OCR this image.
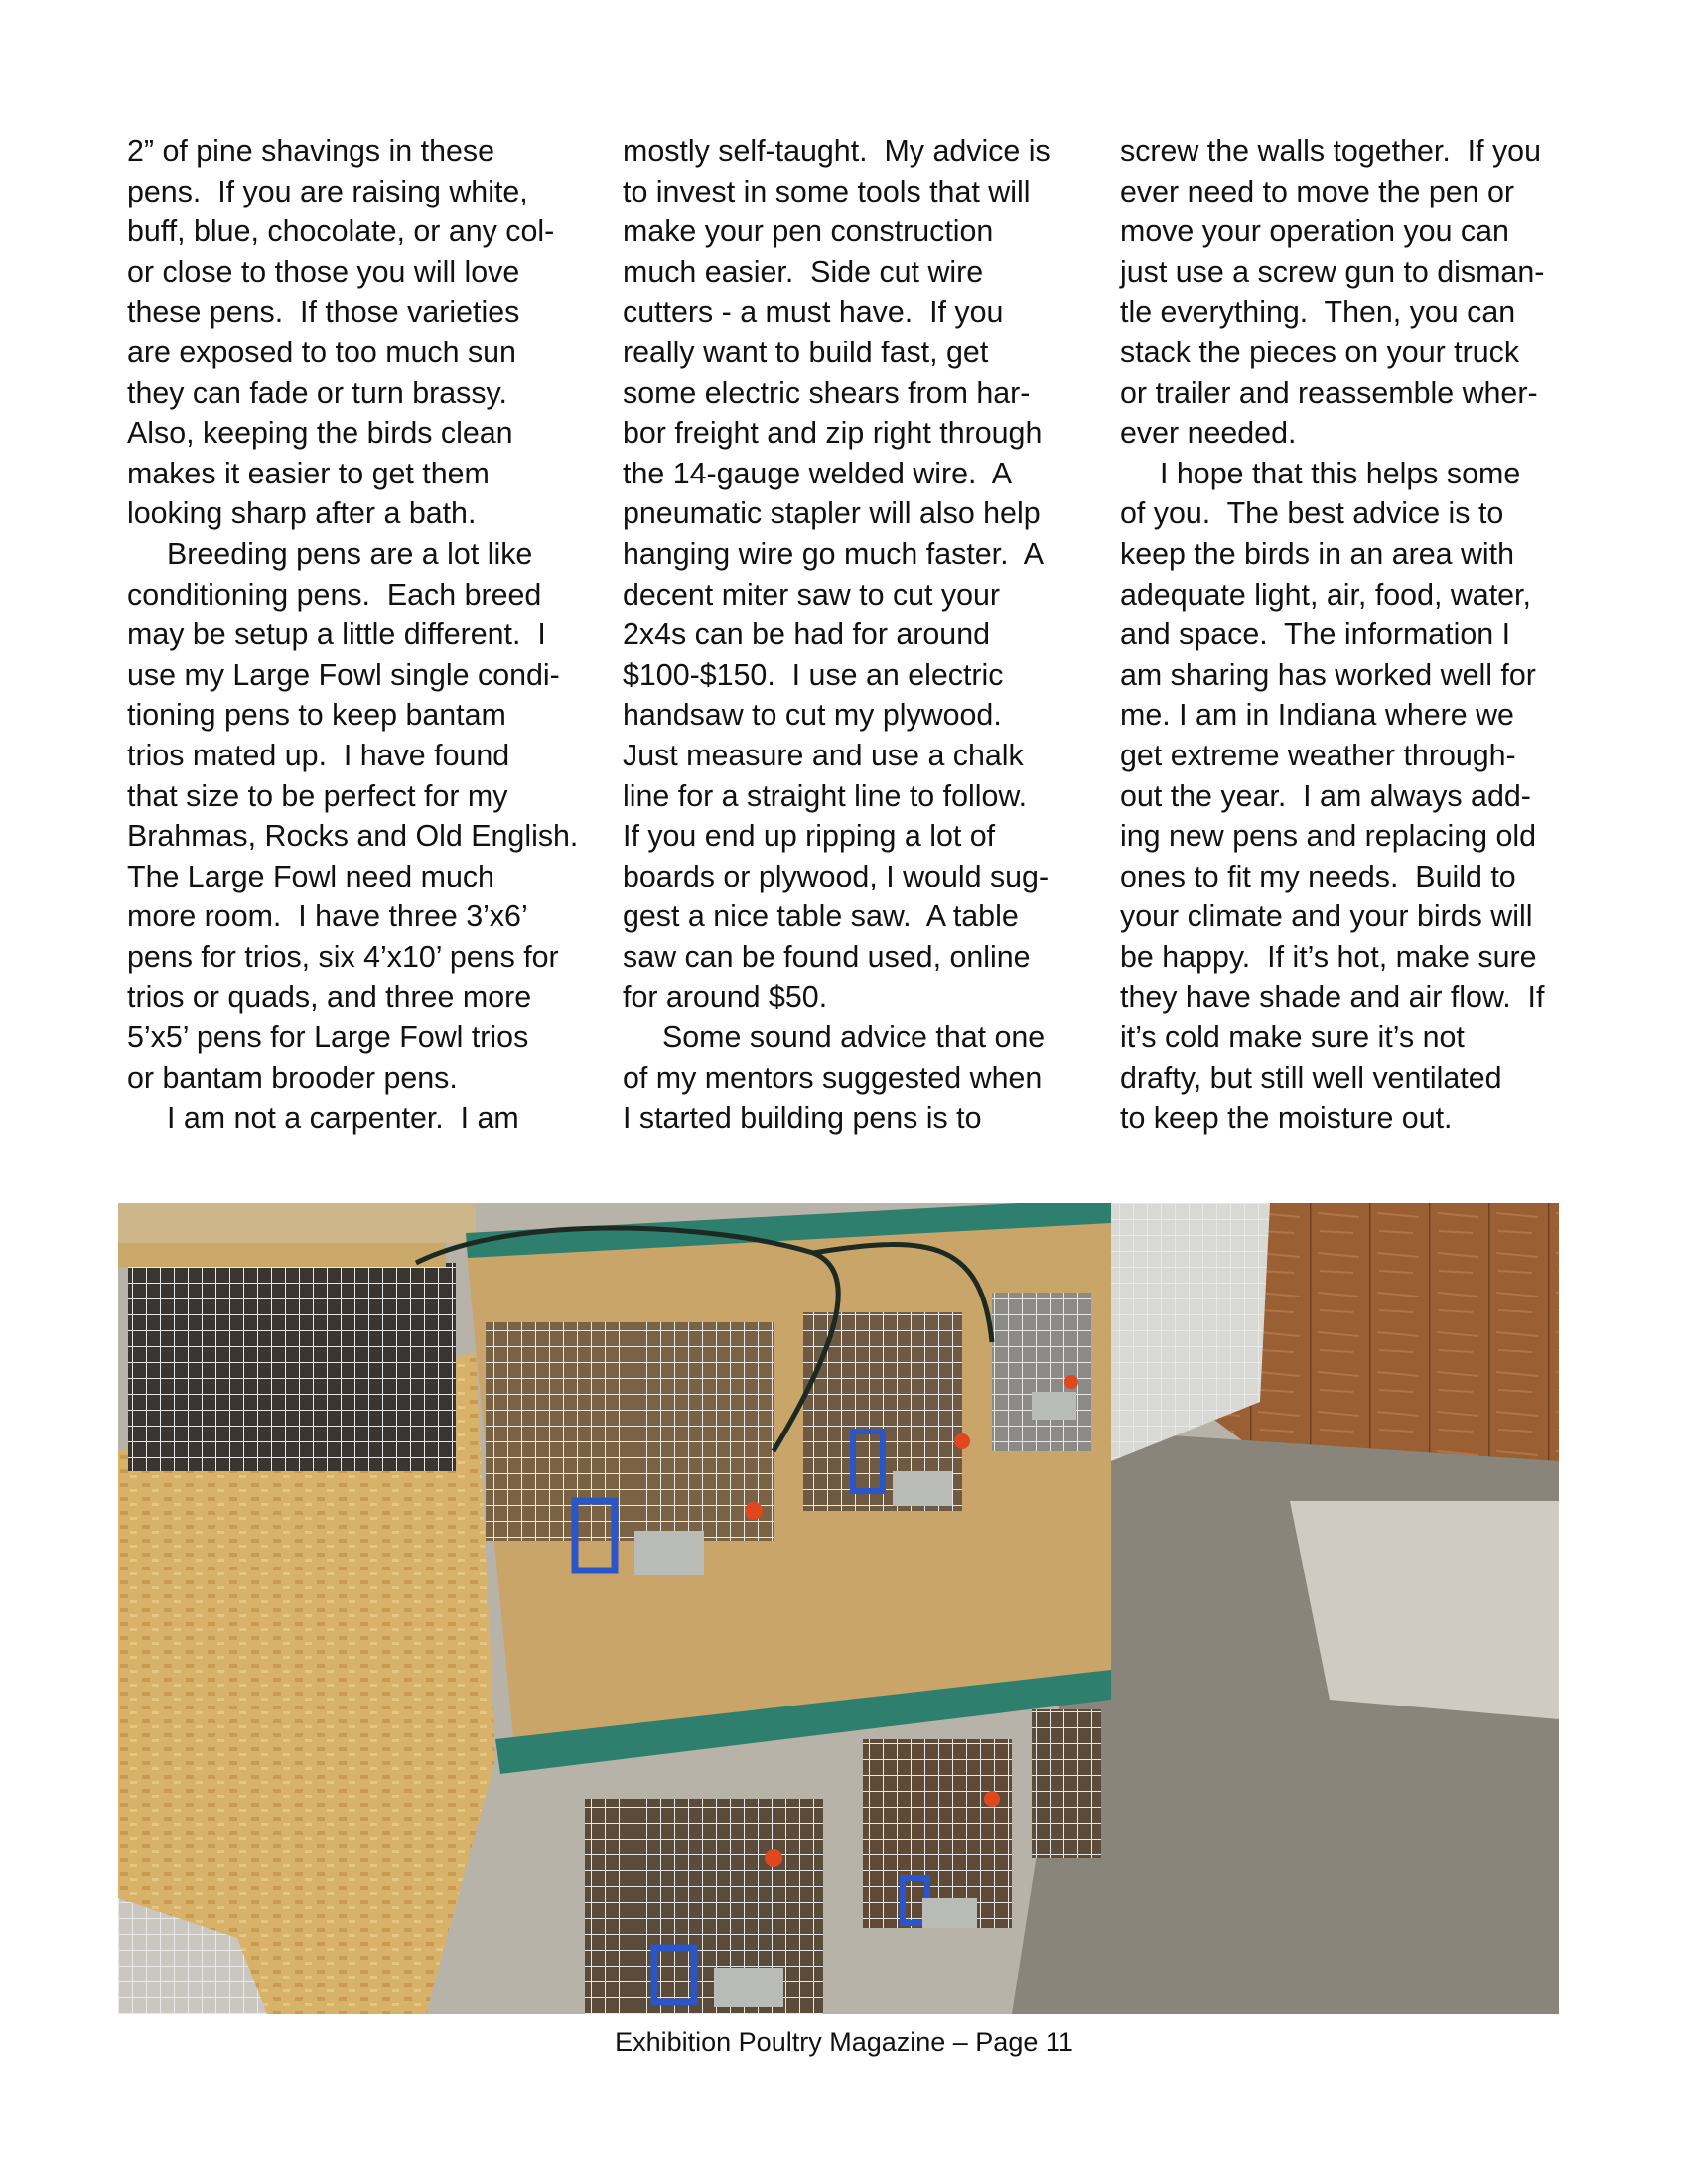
2” of pine shavings in these
pens.  If you are raising white,
buff, blue, chocolate, or any col-
or close to those you will love
these pens.  If those varieties
are exposed to too much sun
they can fade or turn brassy.
Also, keeping the birds clean
makes it easier to get them
looking sharp after a bath.
Breeding pens are a lot like
conditioning pens.  Each breed
may be setup a little different.  I
use my Large Fowl single condi-
tioning pens to keep bantam
trios mated up.  I have found
that size to be perfect for my
Brahmas, Rocks and Old English.
The Large Fowl need much
more room.  I have three 3’x6’
pens for trios, six 4’x10’ pens for
trios or quads, and three more
5’x5’ pens for Large Fowl trios
or bantam brooder pens.
I am not a carpenter.  I am
mostly self-taught.  My advice is
to invest in some tools that will
make your pen construction
much easier.  Side cut wire
cutters - a must have.  If you
really want to build fast, get
some electric shears from har-
bor freight and zip right through
the 14-gauge welded wire.  A
pneumatic stapler will also help
hanging wire go much faster.  A
decent miter saw to cut your
2x4s can be had for around
$100-$150.  I use an electric
handsaw to cut my plywood.
Just measure and use a chalk
line for a straight line to follow.
If you end up ripping a lot of
boards or plywood, I would sug-
gest a nice table saw.  A table
saw can be found used, online
for around $50.
Some sound advice that one
of my mentors suggested when
I started building pens is to
screw the walls together.  If you
ever need to move the pen or
move your operation you can
just use a screw gun to disman-
tle everything.  Then, you can
stack the pieces on your truck
or trailer and reassemble wher-
ever needed.
I hope that this helps some
of you.  The best advice is to
keep the birds in an area with
adequate light, air, food, water,
and space.  The information I
am sharing has worked well for
me. I am in Indiana where we
get extreme weather through-
out the year.  I am always add-
ing new pens and replacing old
ones to fit my needs.  Build to
your climate and your birds will
be happy.  If it’s hot, make sure
they have shade and air flow.  If
it’s cold make sure it’s not
drafty, but still well ventilated
to keep the moisture out.
Exhibition Poultry Magazine – Page 11
